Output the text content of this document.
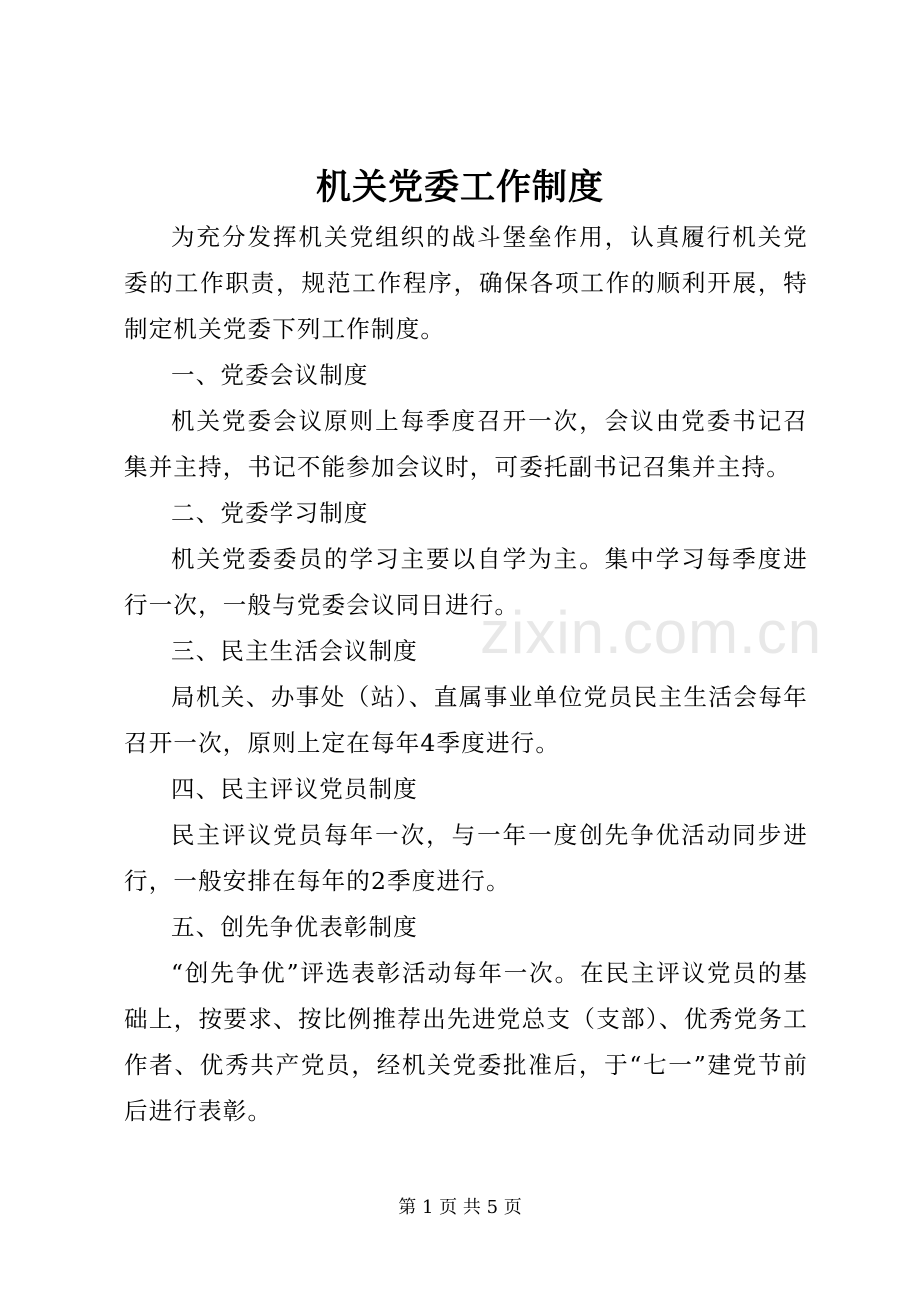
机关党委工作制度

为充分发挥机关党组织的战斗堡垒作用，认真履行机关党委的工作职责，规范工作程序，确保各项工作的顺利开展，特制定机关党委下列工作制度。

一、党委会议制度

机关党委会议原则上每季度召开一次，会议由党委书记召集并主持，书记不能参加会议时，可委托副书记召集并主持。

二、党委学习制度

机关党委委员的学习主要以自学为主。集中学习每季度进行一次，一般与党委会议同日进行。

三、民主生活会议制度

局机关、办事处（站）、直属事业单位党员民主生活会每年召开一次，原则上定在每年4季度进行。

四、民主评议党员制度

民主评议党员每年一次，与一年一度创先争优活动同步进行，一般安排在每年的2季度进行。

五、创先争优表彰制度

“创先争优”评选表彰活动每年一次。在民主评议党员的基础上，按要求、按比例推荐出先进党总支（支部）、优秀党务工作者、优秀共产党员，经机关党委批准后，于“七一”建党节前后进行表彰。

zixin.com.cn
第 1 页 共 5 页
